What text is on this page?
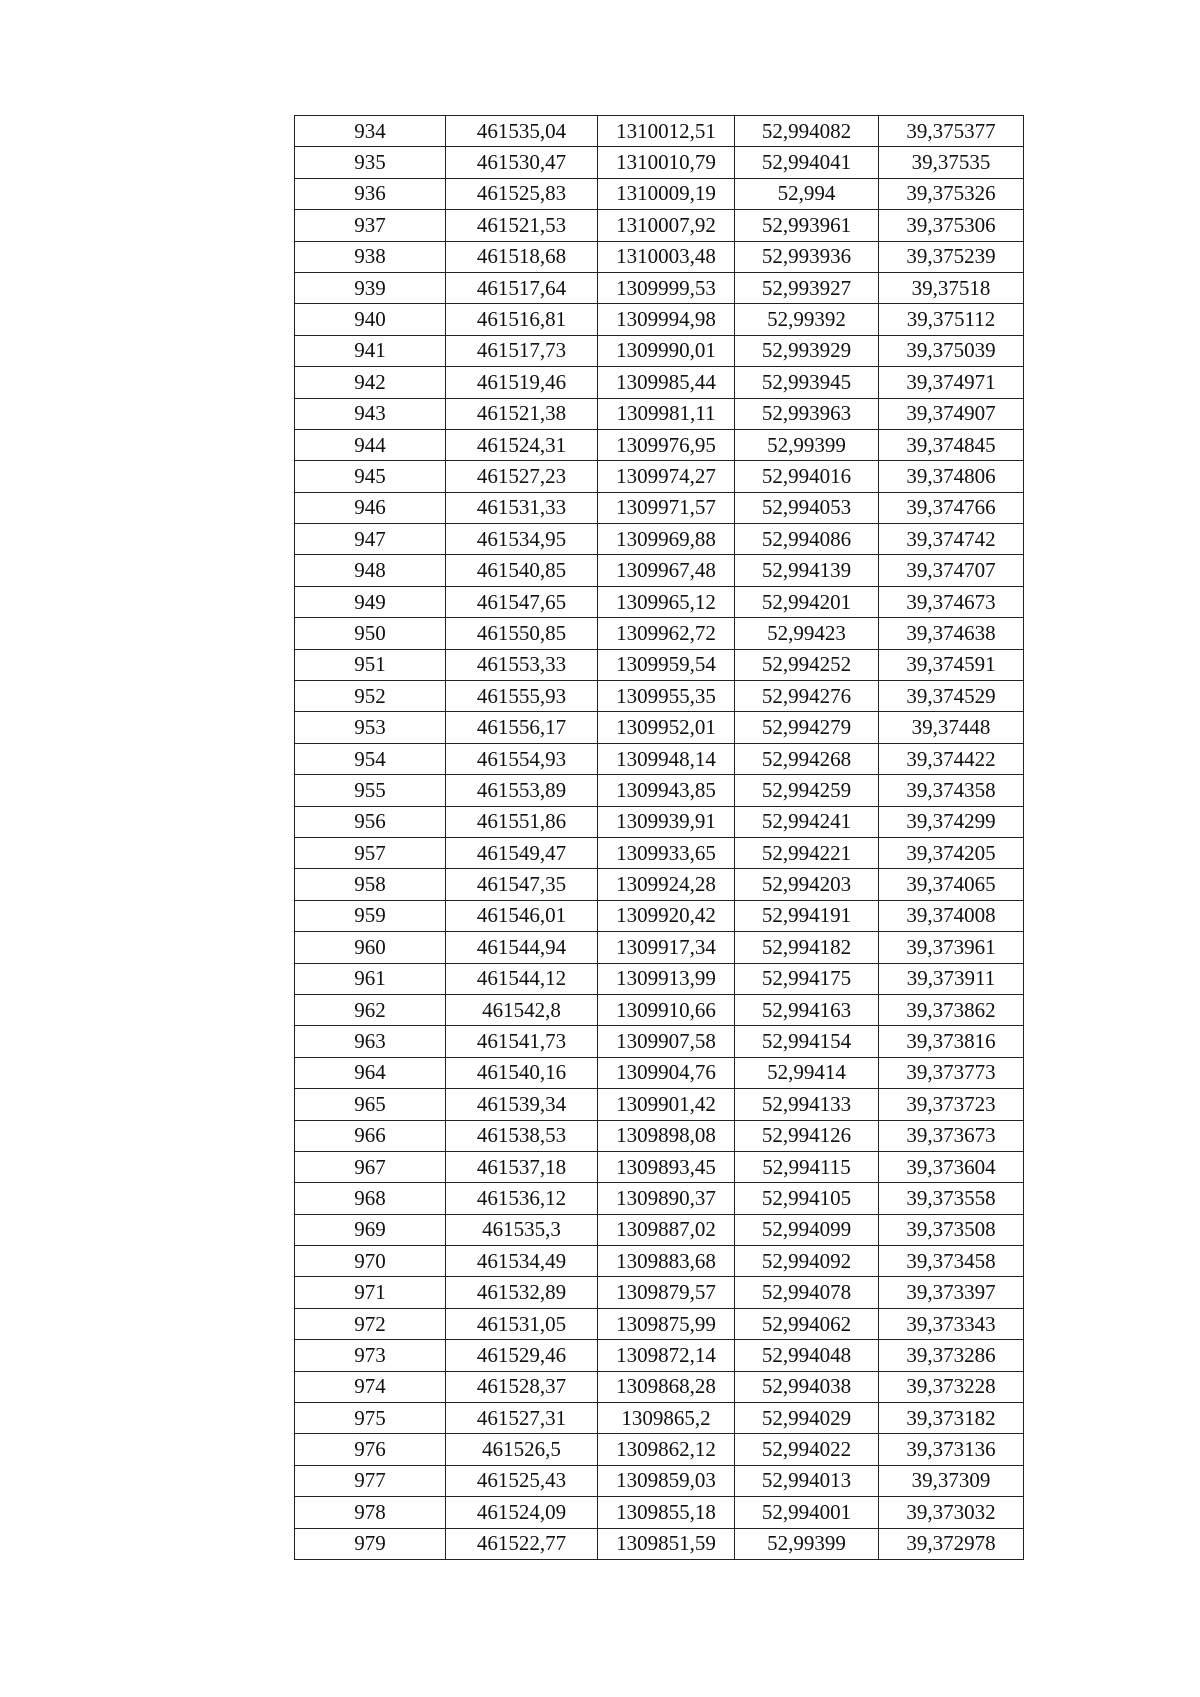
934	461535,04	1310012,51	52,994082	39,375377
935	461530,47	1310010,79	52,994041	39,37535
936	461525,83	1310009,19	52,994	39,375326
937	461521,53	1310007,92	52,993961	39,375306
938	461518,68	1310003,48	52,993936	39,375239
939	461517,64	1309999,53	52,993927	39,37518
940	461516,81	1309994,98	52,99392	39,375112
941	461517,73	1309990,01	52,993929	39,375039
942	461519,46	1309985,44	52,993945	39,374971
943	461521,38	1309981,11	52,993963	39,374907
944	461524,31	1309976,95	52,99399	39,374845
945	461527,23	1309974,27	52,994016	39,374806
946	461531,33	1309971,57	52,994053	39,374766
947	461534,95	1309969,88	52,994086	39,374742
948	461540,85	1309967,48	52,994139	39,374707
949	461547,65	1309965,12	52,994201	39,374673
950	461550,85	1309962,72	52,99423	39,374638
951	461553,33	1309959,54	52,994252	39,374591
952	461555,93	1309955,35	52,994276	39,374529
953	461556,17	1309952,01	52,994279	39,37448
954	461554,93	1309948,14	52,994268	39,374422
955	461553,89	1309943,85	52,994259	39,374358
956	461551,86	1309939,91	52,994241	39,374299
957	461549,47	1309933,65	52,994221	39,374205
958	461547,35	1309924,28	52,994203	39,374065
959	461546,01	1309920,42	52,994191	39,374008
960	461544,94	1309917,34	52,994182	39,373961
961	461544,12	1309913,99	52,994175	39,373911
962	461542,8	1309910,66	52,994163	39,373862
963	461541,73	1309907,58	52,994154	39,373816
964	461540,16	1309904,76	52,99414	39,373773
965	461539,34	1309901,42	52,994133	39,373723
966	461538,53	1309898,08	52,994126	39,373673
967	461537,18	1309893,45	52,994115	39,373604
968	461536,12	1309890,37	52,994105	39,373558
969	461535,3	1309887,02	52,994099	39,373508
970	461534,49	1309883,68	52,994092	39,373458
971	461532,89	1309879,57	52,994078	39,373397
972	461531,05	1309875,99	52,994062	39,373343
973	461529,46	1309872,14	52,994048	39,373286
974	461528,37	1309868,28	52,994038	39,373228
975	461527,31	1309865,2	52,994029	39,373182
976	461526,5	1309862,12	52,994022	39,373136
977	461525,43	1309859,03	52,994013	39,37309
978	461524,09	1309855,18	52,994001	39,373032
979	461522,77	1309851,59	52,99399	39,372978
